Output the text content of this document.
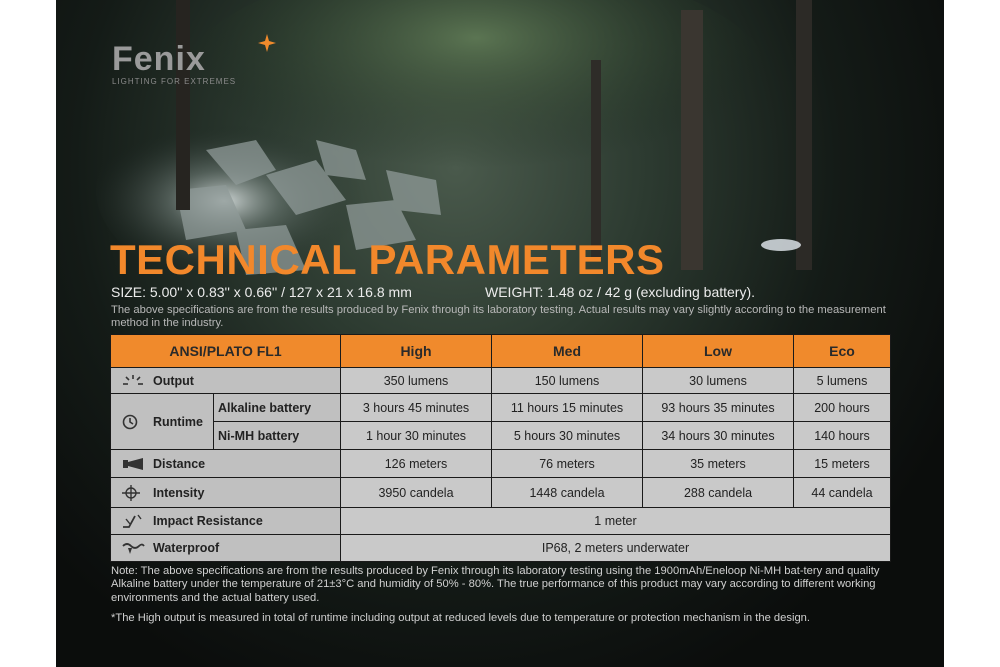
Fenix
LIGHTING FOR EXTREMES
TECHNICAL PARAMETERS
SIZE: 5.00'' x 0.83'' x 0.66'' / 127 x 21 x 16.8 mm	WEIGHT: 1.48 oz / 42 g (excluding battery).
The above specifications are from the results produced by Fenix through its laboratory testing. Actual results may vary slightly according to the measurement method in the industry.
ANSI/PLATO FL1		High	Med	Low	Eco

Output		350 lumens	150 lumens	30 lumens	5 lumens

Runtime	Alkaline battery	3 hours 45 minutes	11 hours 15 minutes	93 hours 35 minutes	200 hours
	Ni-MH battery	1 hour 30 minutes	5 hours 30 minutes	34 hours 30 minutes	140 hours

Distance		126 meters	76 meters	35 meters	15 meters

Intensity		3950 candela	1448 candela	288 candela	44 candela

Impact Resistance		1 meter			

Waterproof		IP68, 2 meters underwater			
Note: The above specifications are from the results produced by Fenix through its laboratory testing using the 1900mAh/Eneloop Ni-MH bat-tery and quality Alkaline battery under the temperature of 21±3°C and humidity of 50% - 80%. The true performance of this product may vary according to different working environments and the actual battery used.
*The High output is measured in total of runtime including output at reduced levels due to temperature or protection mechanism in the design.
